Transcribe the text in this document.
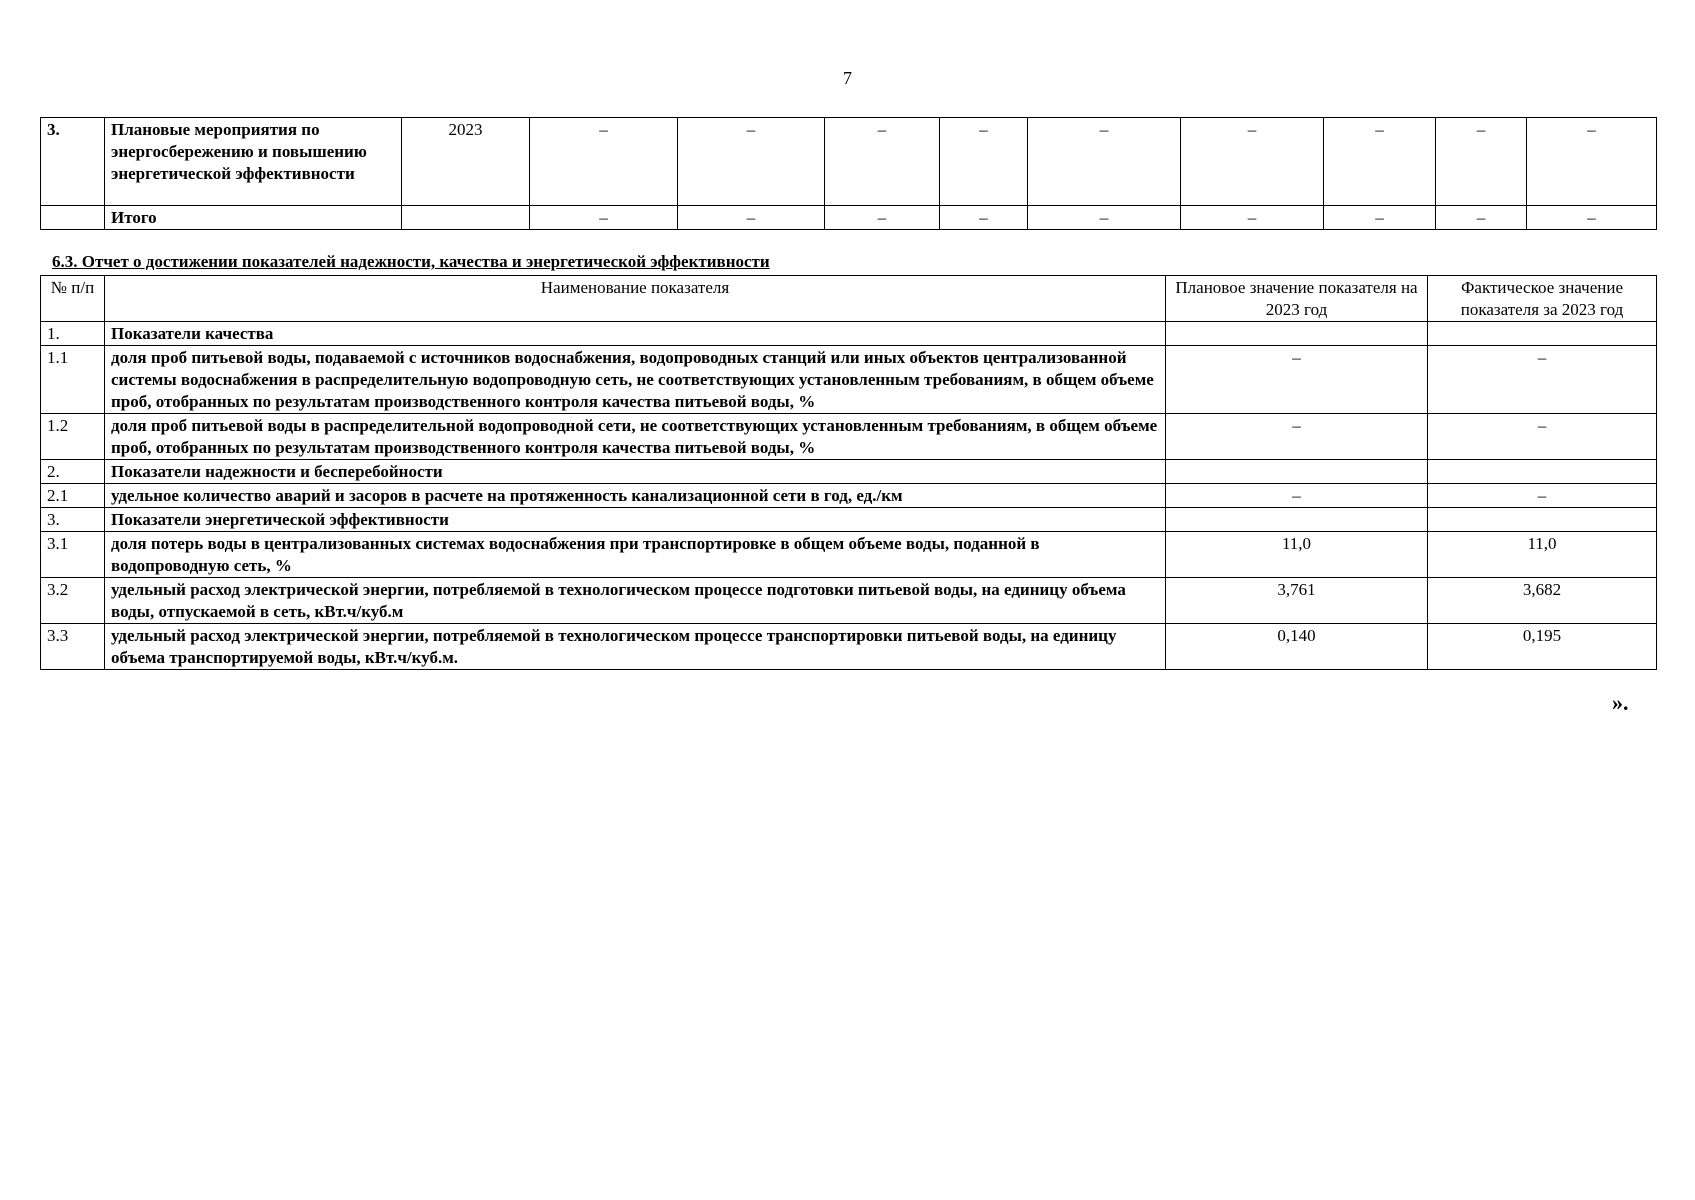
7
3.	Плановые мероприятия по энергосбережению и повышению энергетической эффективности	2023	–	–	–	–	–	–	–	–	–
	Итого		–	–	–	–	–	–	–	–	–
6.3. Отчет о достижении показателей надежности, качества и энергетической эффективности
№ п/п	Наименование показателя	Плановое значение показателя на 2023 год	Фактическое значение показателя за 2023 год
1.	Показатели качества		
1.1	доля проб питьевой воды, подаваемой с источников водоснабжения, водопроводных станций или иных объектов централизованной системы водоснабжения в распределительную водопроводную сеть, не соответствующих установленным требованиям, в общем объеме проб, отобранных по результатам производственного контроля качества питьевой воды, %	–	–
1.2	доля проб питьевой воды в распределительной водопроводной сети, не соответствующих установленным требованиям, в общем объеме проб, отобранных по результатам производственного контроля качества питьевой воды, %	–	–
2.	Показатели надежности и бесперебойности		
2.1	удельное количество аварий и засоров в расчете на протяженность канализационной сети в год, ед./км	–	–
3.	Показатели энергетической эффективности		
3.1	доля потерь воды в централизованных системах водоснабжения при транспортировке в общем объеме воды, поданной в водопроводную сеть, %	11,0	11,0
3.2	удельный расход электрической энергии, потребляемой в технологическом процессе подготовки питьевой воды, на единицу объема воды, отпускаемой в сеть, кВт.ч/куб.м	3,761	3,682
3.3	удельный расход электрической энергии, потребляемой в технологическом процессе транспортировки питьевой воды, на единицу объема транспортируемой воды, кВт.ч/куб.м.	0,140	0,195
».
